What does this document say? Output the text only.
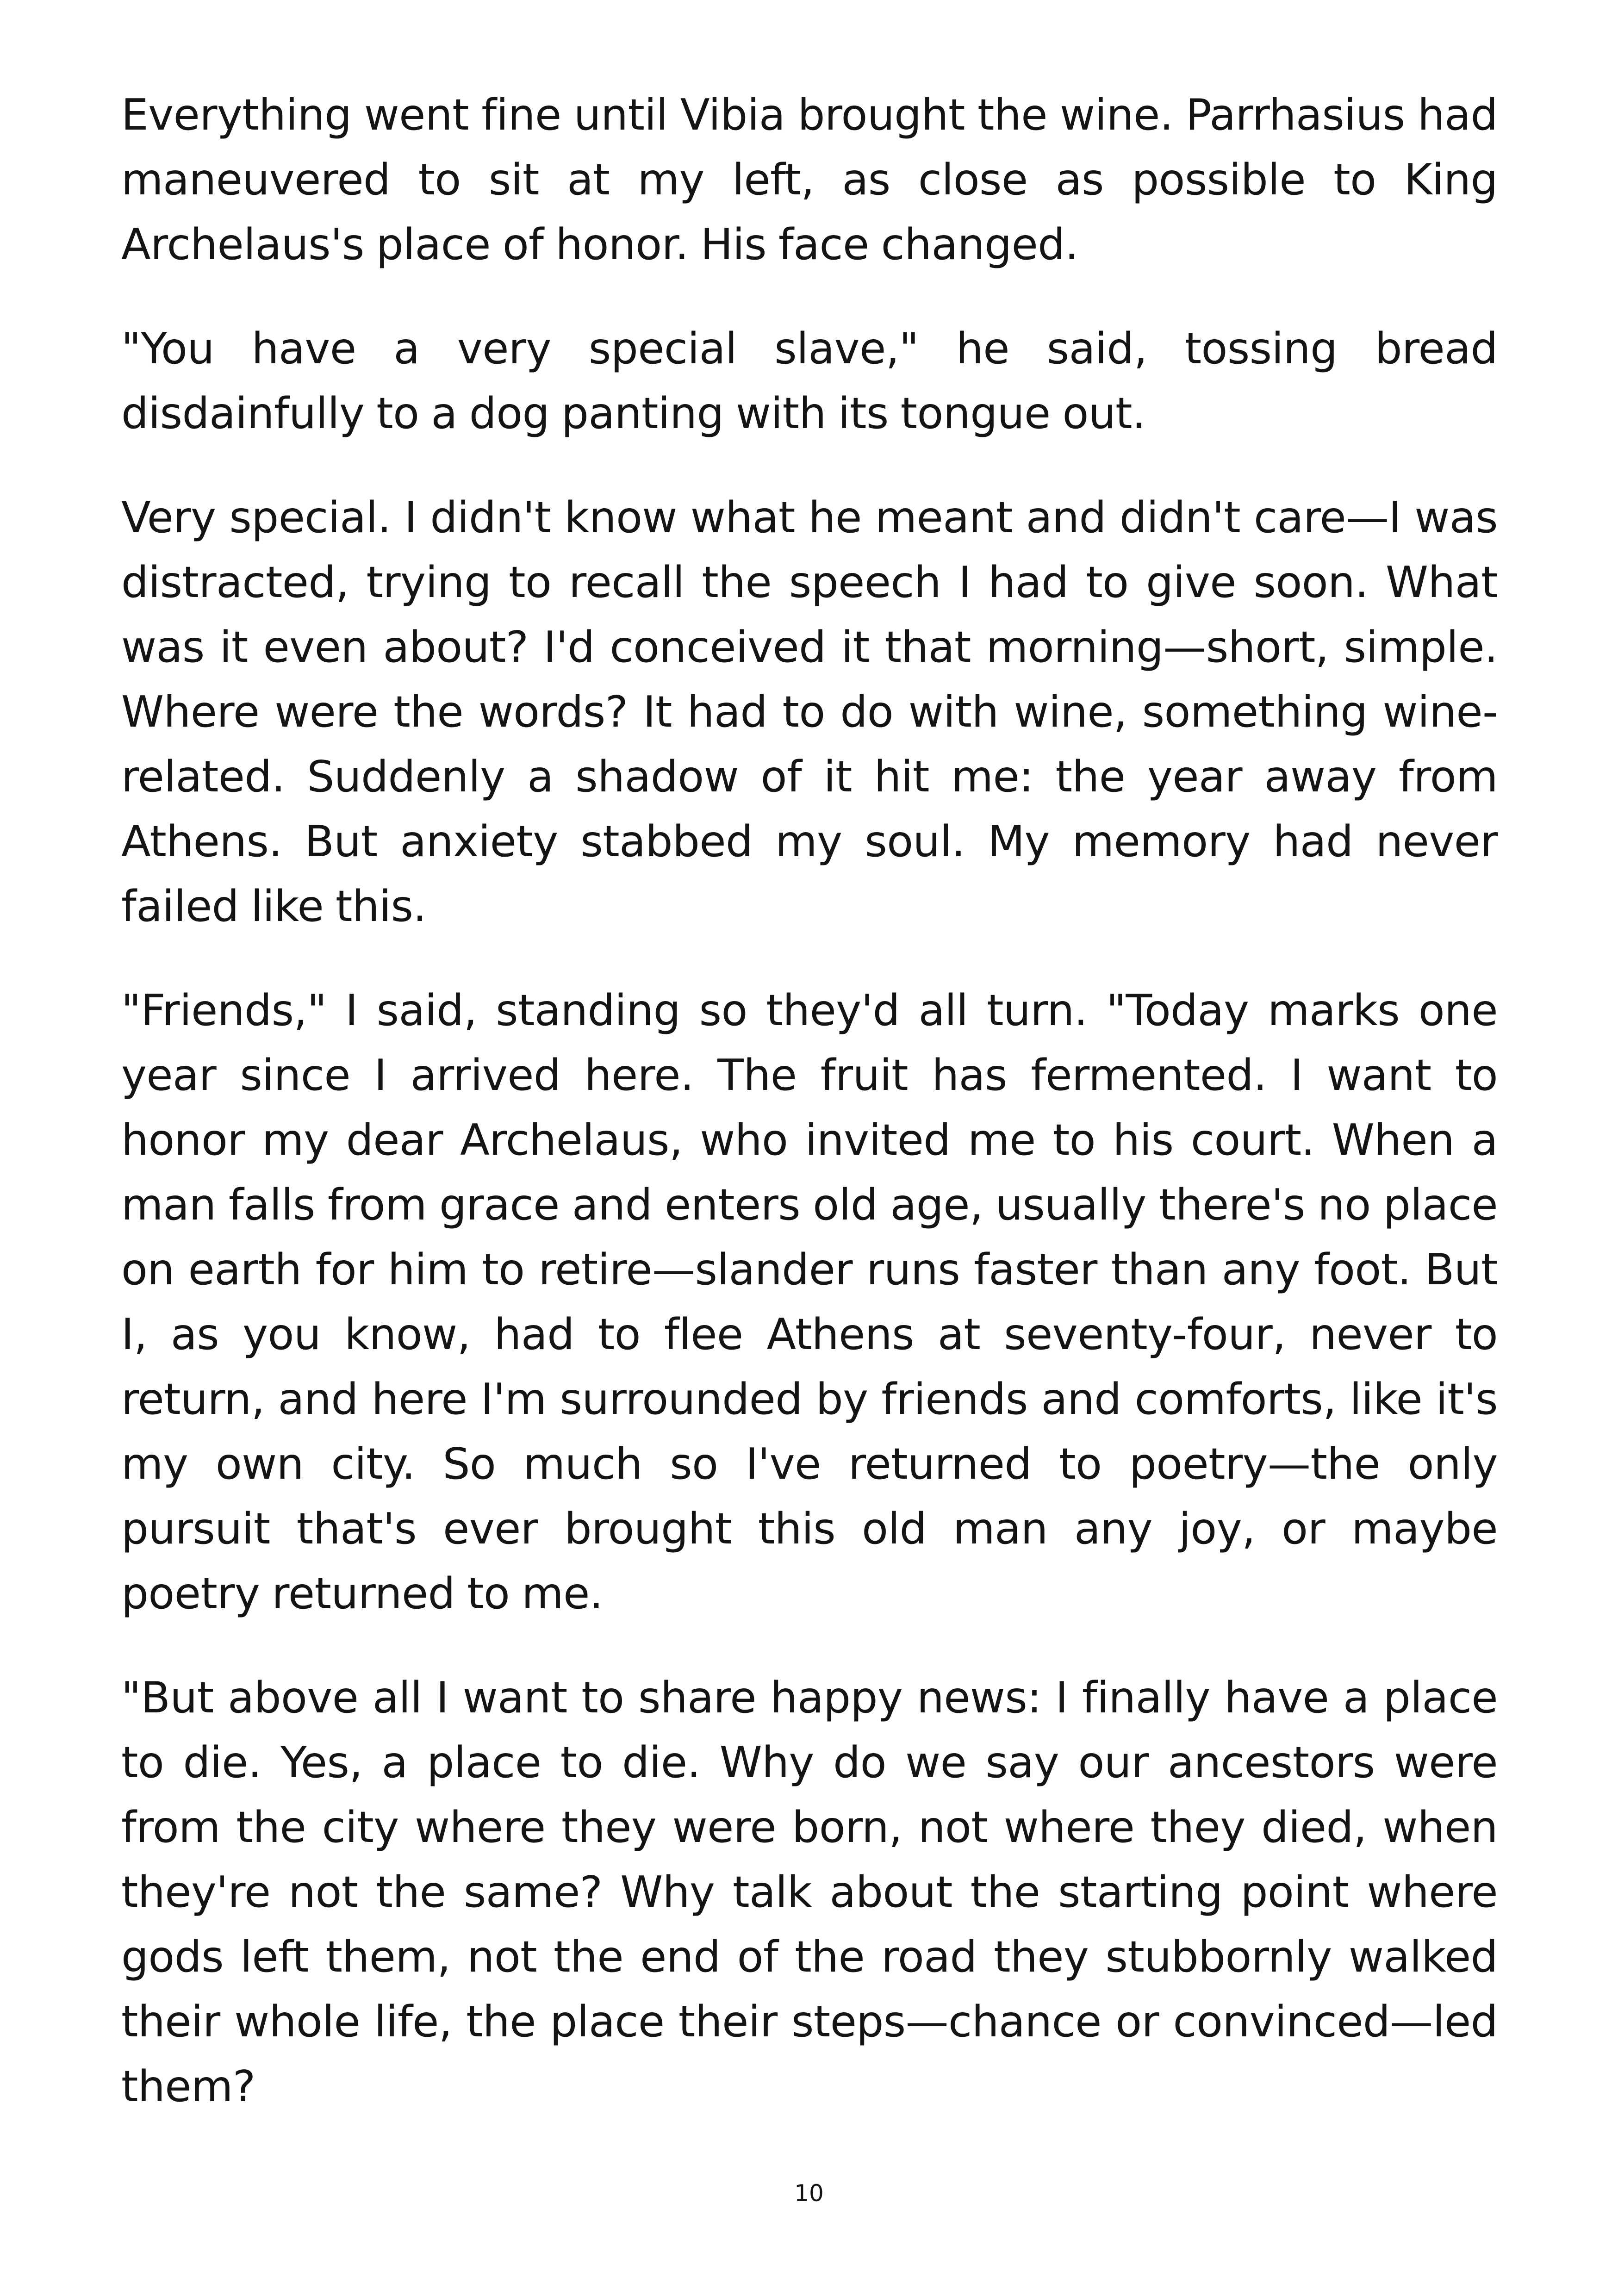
Everything went fine until Vibia brought the wine. Parrhasius had maneuvered to sit at my left, as close as possible to King Archelaus's place of honor. His face changed.

"You have a very special slave," he said, tossing bread disdainfully to a dog panting with its tongue out.

Very special. I didn't know what he meant and didn't care—I was distracted, trying to recall the speech I had to give soon. What was it even about? I'd conceived it that morning—short, simple. Where were the words? It had to do with wine, something wine-related. Suddenly a shadow of it hit me: the year away from Athens. But anxiety stabbed my soul. My memory had never failed like this.

"Friends," I said, standing so they'd all turn. "Today marks one year since I arrived here. The fruit has fermented. I want to honor my dear Archelaus, who invited me to his court. When a man falls from grace and enters old age, usually there's no place on earth for him to retire—slander runs faster than any foot. But I, as you know, had to flee Athens at seventy-four, never to return, and here I'm surrounded by friends and comforts, like it's my own city. So much so I've returned to poetry—the only pursuit that's ever brought this old man any joy, or maybe poetry returned to me.

"But above all I want to share happy news: I finally have a place to die. Yes, a place to die. Why do we say our ancestors were from the city where they were born, not where they died, when they're not the same? Why talk about the starting point where gods left them, not the end of the road they stubbornly walked their whole life, the place their steps—chance or convinced—led them?

10
